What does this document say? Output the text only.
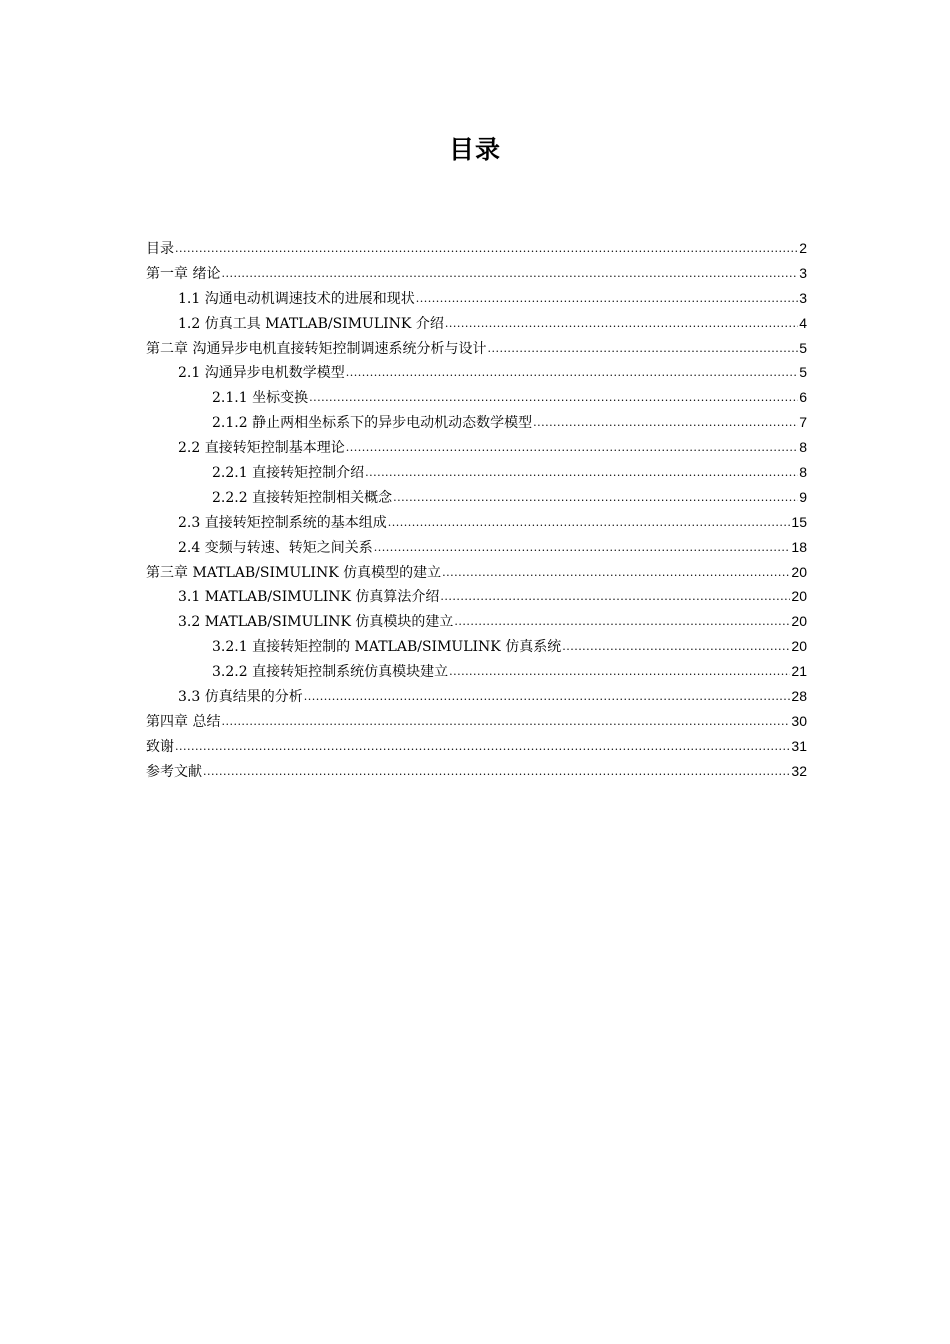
目录
目录 .....	2
第一章 绪论 .....	3
1.1 沟通电动机调速技术的进展和现状 .....	3
1.2 仿真工具 MATLAB/SIMULINK 介绍 .....	4
第二章 沟通异步电机直接转矩控制调速系统分析与设计 .....	5
2.1 沟通异步电机数学模型 .....	5
2.1.1 坐标变换 .....	6
2.1.2 静止两相坐标系下的异步电动机动态数学模型 .....	7
2.2 直接转矩控制基本理论 .....	8
2.2.1 直接转矩控制介绍 .....	8
2.2.2 直接转矩控制相关概念 .....	9
2.3 直接转矩控制系统的基本组成 .....	15
2.4 变频与转速、转矩之间关系 .....	18
第三章 MATLAB/SIMULINK 仿真模型的建立 .....	20
3.1 MATLAB/SIMULINK 仿真算法介绍 .....	20
3.2 MATLAB/SIMULINK 仿真模块的建立 .....	20
3.2.1 直接转矩控制的 MATLAB/SIMULINK 仿真系统 .....	20
3.2.2 直接转矩控制系统仿真模块建立 .....	21
3.3 仿真结果的分析 .....	28
第四章 总结 .....	30
致谢 .....	31
参考文献 .....	32
